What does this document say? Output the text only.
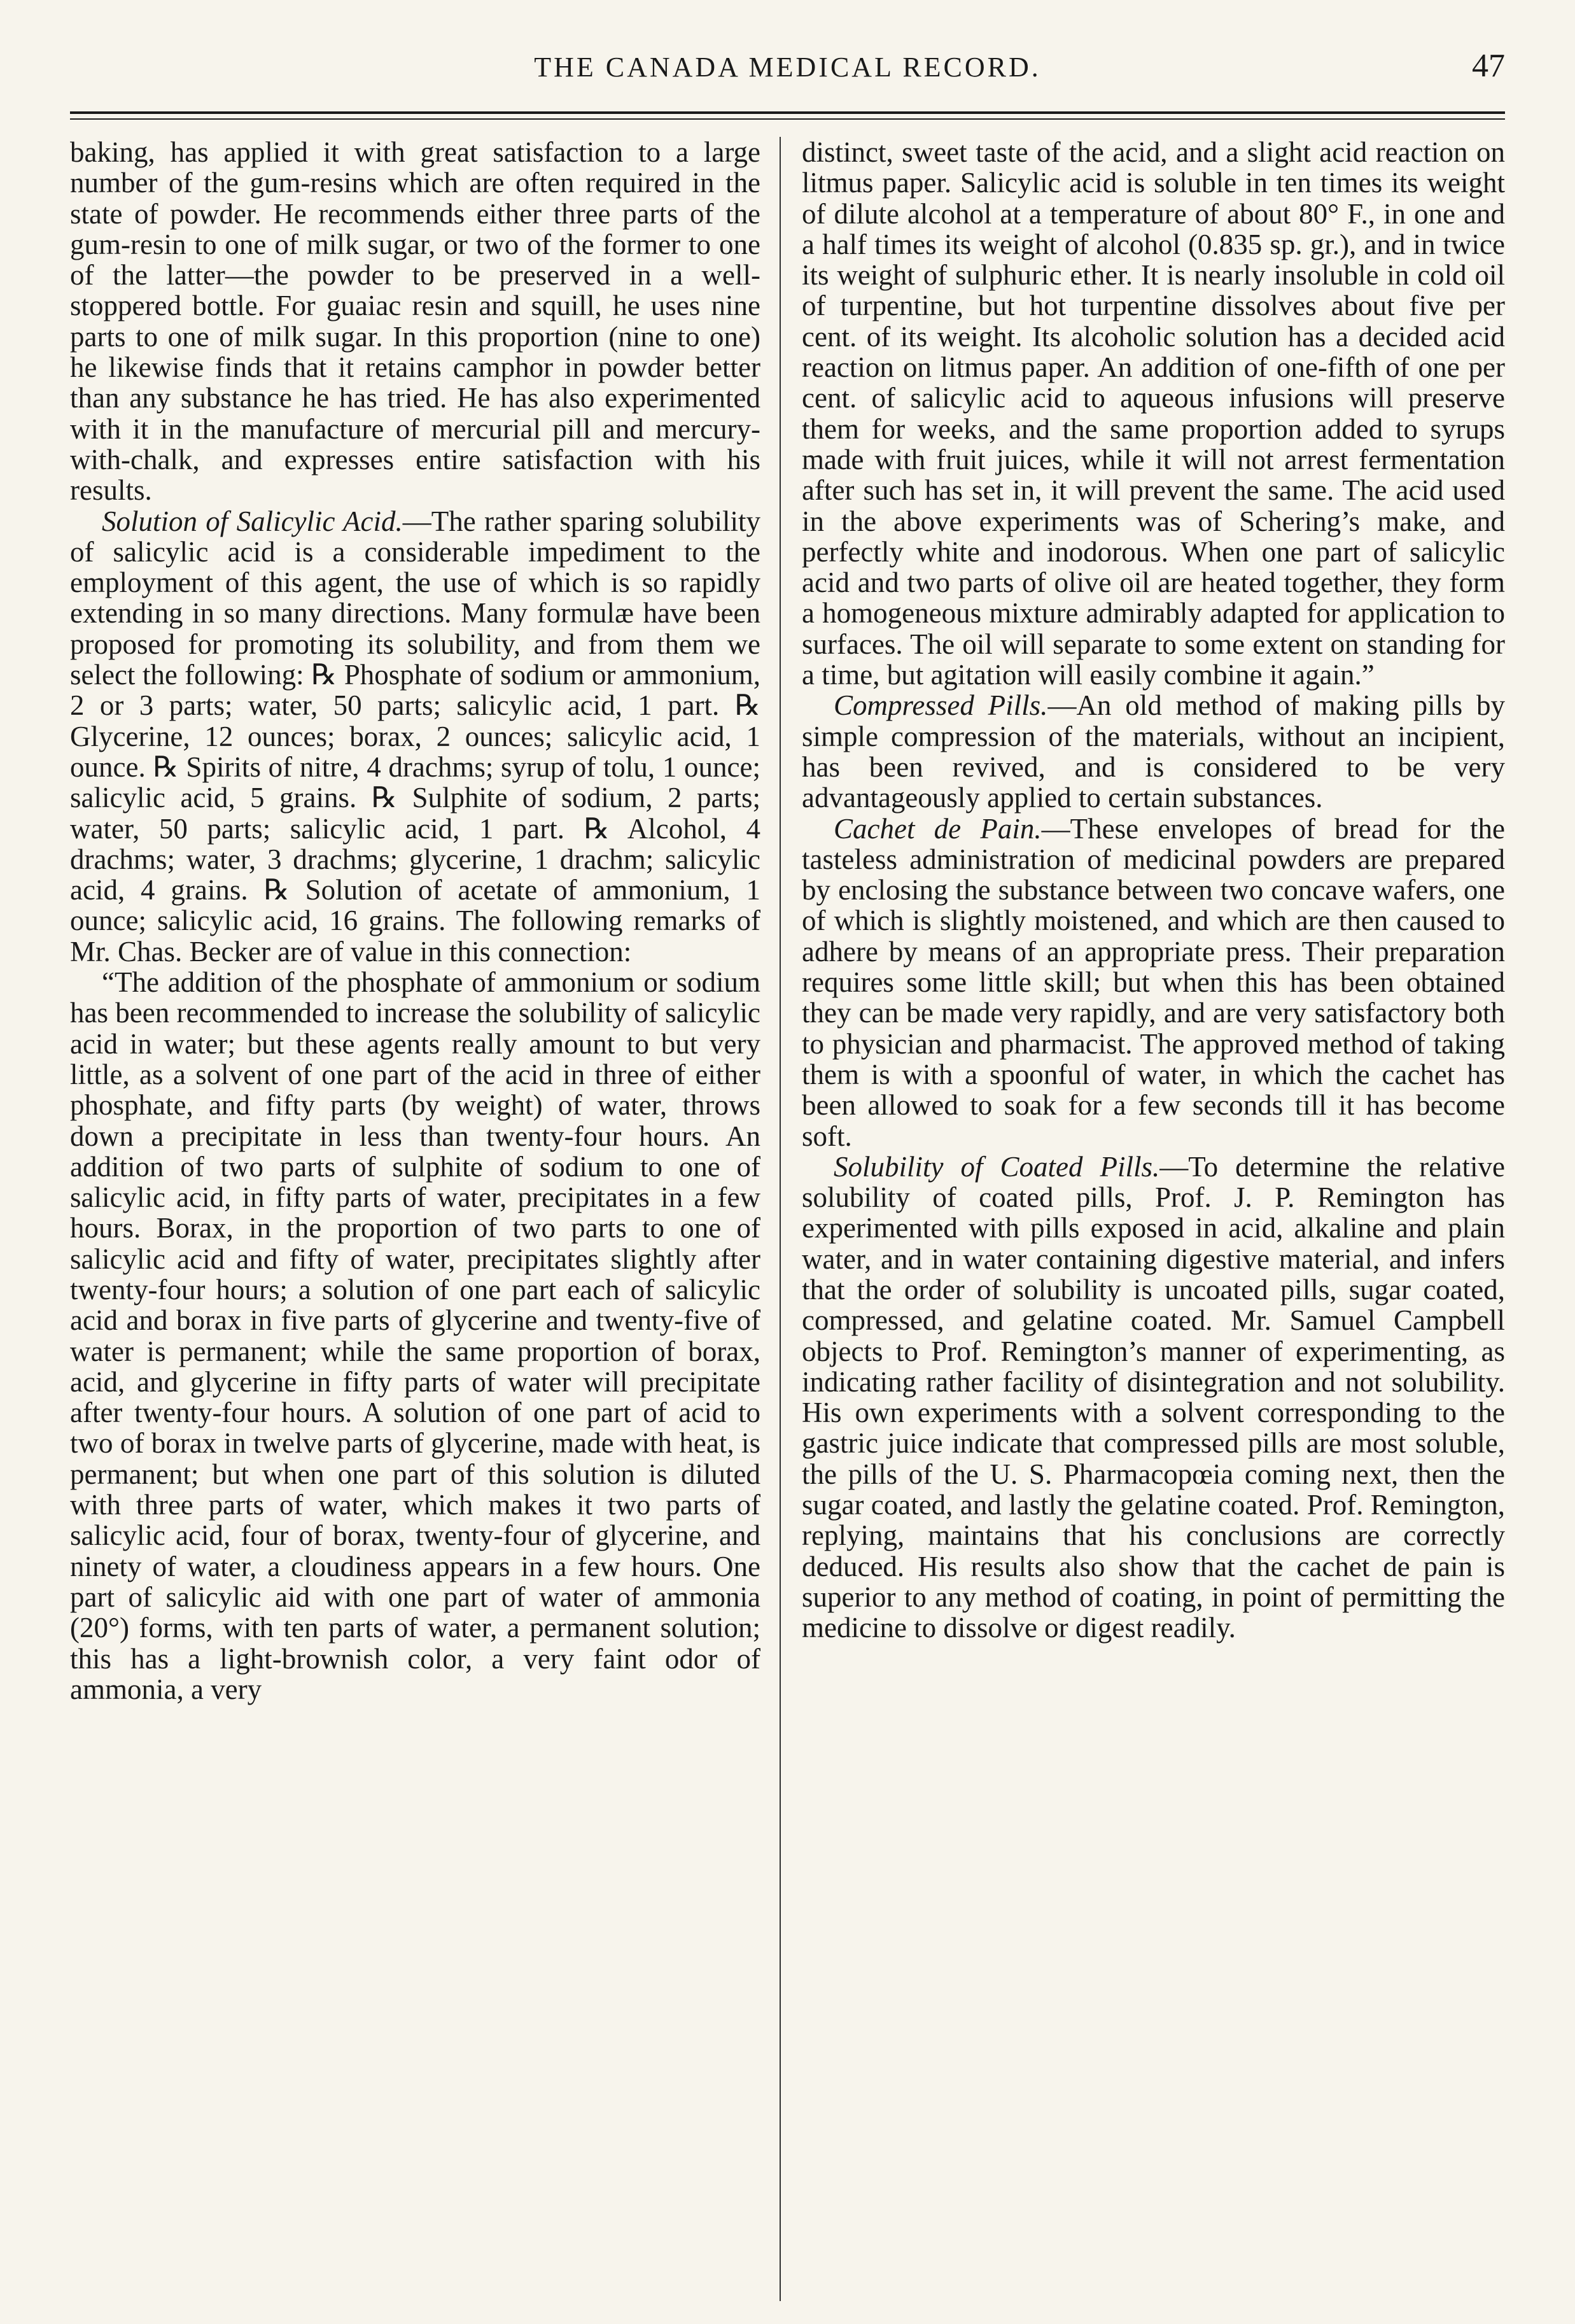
THE CANADA MEDICAL RECORD.	47

baking, has applied it with great satisfaction to a large number of the gum-resins which are often required in the state of powder. He recommends either three parts of the gum-resin to one of milk sugar, or two of the former to one of the latter—the powder to be preserved in a well-stoppered bottle. For guaiac resin and squill, he uses nine parts to one of milk sugar. In this proportion (nine to one) he likewise finds that it retains camphor in powder better than any substance he has tried. He has also experimented with it in the manufacture of mercurial pill and mercury-with-chalk, and expresses entire satisfaction with his results.

Solution of Salicylic Acid.—The rather sparing solubility of salicylic acid is a considerable impediment to the employment of this agent, the use of which is so rapidly extending in so many directions. Many formulæ have been proposed for promoting its solubility, and from them we select the following: ℞ Phosphate of sodium or ammonium, 2 or 3 parts; water, 50 parts; salicylic acid, 1 part. ℞ Glycerine, 12 ounces; borax, 2 ounces; salicylic acid, 1 ounce. ℞ Spirits of nitre, 4 drachms; syrup of tolu, 1 ounce; salicylic acid, 5 grains. ℞ Sulphite of sodium, 2 parts; water, 50 parts; salicylic acid, 1 part. ℞ Alcohol, 4 drachms; water, 3 drachms; glycerine, 1 drachm; salicylic acid, 4 grains. ℞ Solution of acetate of ammonium, 1 ounce; salicylic acid, 16 grains. The following remarks of Mr. Chas. Becker are of value in this connection:

“The addition of the phosphate of ammonium or sodium has been recommended to increase the solubility of salicylic acid in water; but these agents really amount to but very little, as a solvent of one part of the acid in three of either phosphate, and fifty parts (by weight) of water, throws down a precipitate in less than twenty-four hours. An addition of two parts of sulphite of sodium to one of salicylic acid, in fifty parts of water, precipitates in a few hours. Borax, in the proportion of two parts to one of salicylic acid and fifty of water, precipitates slightly after twenty-four hours; a solution of one part each of salicylic acid and borax in five parts of glycerine and twenty-five of water is permanent; while the same proportion of borax, acid, and glycerine in fifty parts of water will precipitate after twenty-four hours. A solution of one part of acid to two of borax in twelve parts of glycerine, made with heat, is permanent; but when one part of this solution is diluted with three parts of water, which makes it two parts of salicylic acid, four of borax, twenty-four of glycerine, and ninety of water, a cloudiness appears in a few hours. One part of salicylic aid with one part of water of ammonia (20°) forms, with ten parts of water, a permanent solution; this has a light-brownish color, a very faint odor of ammonia, a very

distinct, sweet taste of the acid, and a slight acid reaction on litmus paper. Salicylic acid is soluble in ten times its weight of dilute alcohol at a temperature of about 80° F., in one and a half times its weight of alcohol (0.835 sp. gr.), and in twice its weight of sulphuric ether. It is nearly insoluble in cold oil of turpentine, but hot turpentine dissolves about five per cent. of its weight. Its alcoholic solution has a decided acid reaction on litmus paper. An addition of one-fifth of one per cent. of salicylic acid to aqueous infusions will preserve them for weeks, and the same proportion added to syrups made with fruit juices, while it will not arrest fermentation after such has set in, it will prevent the same. The acid used in the above experiments was of Schering’s make, and perfectly white and inodorous. When one part of salicylic acid and two parts of olive oil are heated together, they form a homogeneous mixture admirably adapted for application to surfaces. The oil will separate to some extent on standing for a time, but agitation will easily combine it again.”

Compressed Pills.—An old method of making pills by simple compression of the materials, without an incipient, has been revived, and is considered to be very advantageously applied to certain substances.

Cachet de Pain.—These envelopes of bread for the tasteless administration of medicinal powders are prepared by enclosing the substance between two concave wafers, one of which is slightly moistened, and which are then caused to adhere by means of an appropriate press. Their preparation requires some little skill; but when this has been obtained they can be made very rapidly, and are very satisfactory both to physician and pharmacist. The approved method of taking them is with a spoonful of water, in which the cachet has been allowed to soak for a few seconds till it has become soft.

Solubility of Coated Pills.—To determine the relative solubility of coated pills, Prof. J. P. Remington has experimented with pills exposed in acid, alkaline and plain water, and in water containing digestive material, and infers that the order of solubility is uncoated pills, sugar coated, compressed, and gelatine coated. Mr. Samuel Campbell objects to Prof. Remington’s manner of experimenting, as indicating rather facility of disintegration and not solubility. His own experiments with a solvent corresponding to the gastric juice indicate that compressed pills are most soluble, the pills of the U. S. Pharmacopœia coming next, then the sugar coated, and lastly the gelatine coated. Prof. Remington, replying, maintains that his conclusions are correctly deduced. His results also show that the cachet de pain is superior to any method of coating, in point of permitting the medicine to dissolve or digest readily.
